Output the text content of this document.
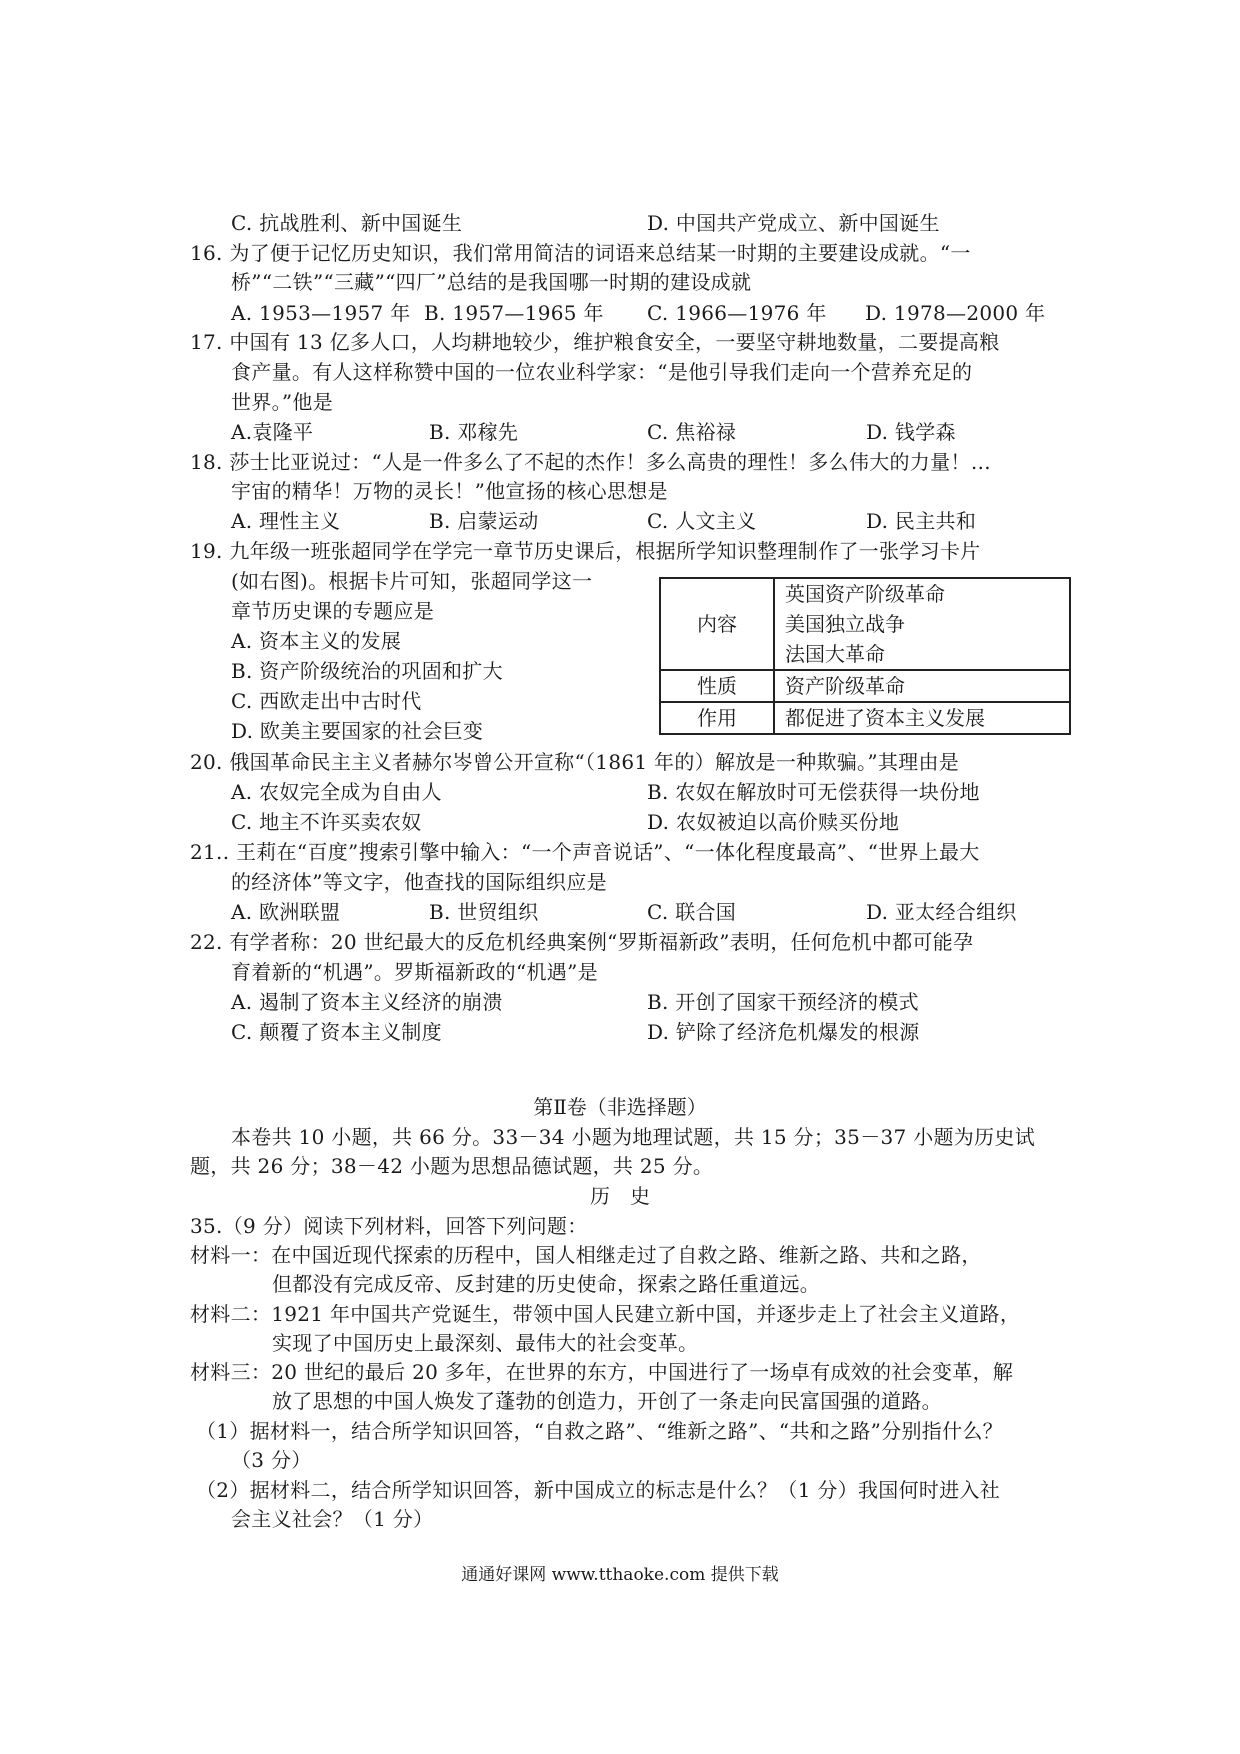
C. 抗战胜利、新中国诞生	D. 中国共产党成立、新中国诞生
16. 为了便于记忆历史知识，我们常用简洁的词语来总结某一时期的主要建设成就。“一
桥”“二铁”“三藏”“四厂”总结的是我国哪一时期的建设成就
A. 1953—1957 年 B. 1957—1965 年 C. 1966—1976 年 D. 1978—2000 年
17. 中国有 13 亿多人口，人均耕地较少，维护粮食安全，一要坚守耕地数量，二要提高粮
食产量。有人这样称赞中国的一位农业科学家：“是他引导我们走向一个营养充足的
世界。”他是
A.袁隆平	B. 邓稼先	C. 焦裕禄	D. 钱学森
18. 莎士比亚说过：“人是一件多么了不起的杰作！多么高贵的理性！多么伟大的力量！…
宇宙的精华！万物的灵长！”他宣扬的核心思想是
A. 理性主义	B. 启蒙运动	C. 人文主义	D. 民主共和
19. 九年级一班张超同学在学完一章节历史课后，根据所学知识整理制作了一张学习卡片
(如右图)。根据卡片可知，张超同学这一
章节历史课的专题应是
A. 资本主义的发展
B. 资产阶级统治的巩固和扩大
C. 西欧走出中古时代
D. 欧美主要国家的社会巨变
内容	英国资产阶级革命
美国独立战争
法国大革命

性质	资产阶级革命
作用	都促进了资本主义发展
20. 俄国革命民主主义者赫尔岑曾公开宣称“（1861 年的）解放是一种欺骗。”其理由是
A. 农奴完全成为自由人	B. 农奴在解放时可无偿获得一块份地
C. 地主不许买卖农奴	D. 农奴被迫以高价赎买份地
21.. 王莉在“百度”搜索引擎中输入：“一个声音说话”、“一体化程度最高”、“世界上最大
的经济体”等文字，他查找的国际组织应是
A. 欧洲联盟	B. 世贸组织	C. 联合国	D. 亚太经合组织
22. 有学者称：20 世纪最大的反危机经典案例“罗斯福新政”表明，任何危机中都可能孕
育着新的“机遇”。罗斯福新政的“机遇”是
A. 遏制了资本主义经济的崩溃	B. 开创了国家干预经济的模式
C. 颠覆了资本主义制度	D. 铲除了经济危机爆发的根源
第Ⅱ卷（非选择题）
本卷共 10 小题，共 66 分。33－34 小题为地理试题，共 15 分；35－37 小题为历史试
题，共 26 分；38－42 小题为思想品德试题，共 25 分。
历　史
35.（9 分）阅读下列材料，回答下列问题：
材料一：在中国近现代探索的历程中，国人相继走过了自救之路、维新之路、共和之路，
但都没有完成反帝、反封建的历史使命，探索之路任重道远。
材料二：1921 年中国共产党诞生，带领中国人民建立新中国，并逐步走上了社会主义道路，
实现了中国历史上最深刻、最伟大的社会变革。
材料三：20 世纪的最后 20 多年，在世界的东方，中国进行了一场卓有成效的社会变革，解
放了思想的中国人焕发了蓬勃的创造力，开创了一条走向民富国强的道路。
（1）据材料一，结合所学知识回答，“自救之路”、“维新之路”、“共和之路”分别指什么？
（3 分）
（2）据材料二，结合所学知识回答，新中国成立的标志是什么？（1 分）我国何时进入社
会主义社会？（1 分）
通通好课网 www.tthaoke.com 提供下载
